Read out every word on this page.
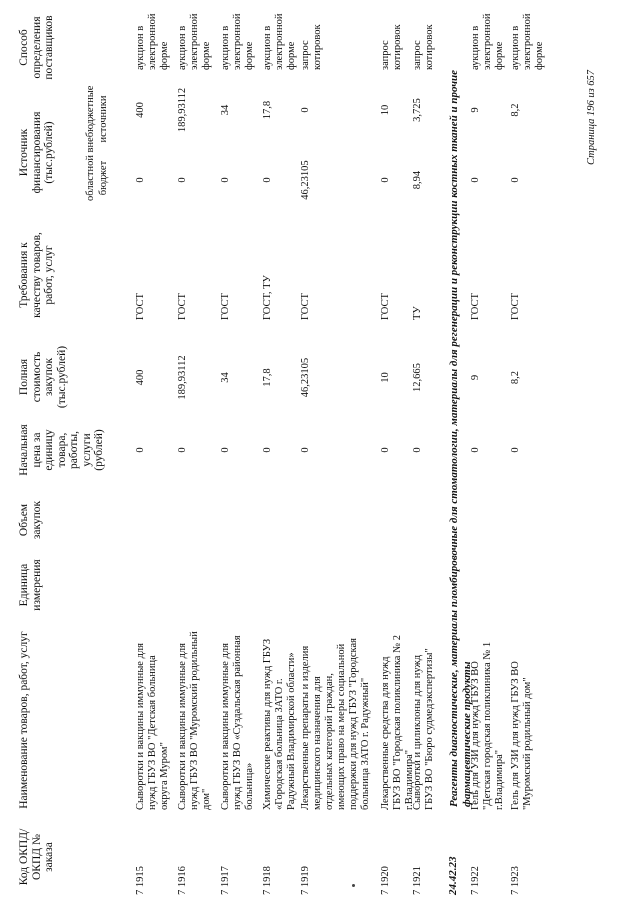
Код ОКПД/ ОКПД № заказа
Наименование товаров, работ, услуг
Единица измерения
Объем закупок
Начальная цена за единицу товара, работы, услуги (рублей)
Полная стоимость закупок (тыс.рублей)
Требования к качеству товаров, работ, услуг
Источник финансирования (тыс.рублей)	областной бюджет
внебюджетные источники
Способ определения поставщиков
7 1915
Сыворотки и вакцины иммунные для нужд ГБУЗ ВО "Детская больница округа Муром"
0
400
ГОСТ
0
400
аукцион в электронной форме
7 1916
Сыворотки и вакцины иммунные для нужд ГБУЗ ВО "Муромский родильный дом"
0
189,93112
ГОСТ
0
189,93112
аукцион в электронной форме
7 1917
Сыворотки и вакцины иммунные для нужд ГБУЗ ВО «Суздальская районная больница»
0
34
ГОСТ
0
34
аукцион в электронной форме
7 1918
Химические реактивы для нужд ГБУЗ «Городская больница ЗАТО г. Радужный Владимирской области»
0
17,8
ГОСТ, ТУ
0
17,8
аукцион в электронной форме
7 1919
Лекарственные препараты и изделия медицинского назначения для отдельных категорий граждан, имеющих право на меры социальной поддержки для нужд ГБУЗ "Городская больница ЗАТО г. Радужный"
0
46,23105
ГОСТ
46,23105
0
запрос котировок
7 1920
Лекарственные средства для нужд ГБУЗ ВО "Городская поликлиника № 2 г.Владимира"
0
10
ГОСТ
0
10
запрос котировок
7 1921
Сыворотки и циликлоны для нужд ГБУЗ ВО "Бюро судмедэкспертизы"
0
12,665
ТУ
8,94
3,725
запрос котировок
7 1922
Гель для УЗИ для нужд ГБУЗ ВО "Детская городская поликлиника № 1 г.Владимира"
0
9
ГОСТ
0
9
аукцион в электронной форме
7 1923
Гель для УЗИ для нужд ГБУЗ ВО "Муромский родильный дом"
0
8,2
ГОСТ
0
8,2
аукцион в электронной форме
24.42.23
Реагенты диагностические, материалы пломбировочные для стоматологии, материалы для регенерации и реконструкции костных тканей и прочие фармацевтические продукты
Страница 196 из 657
